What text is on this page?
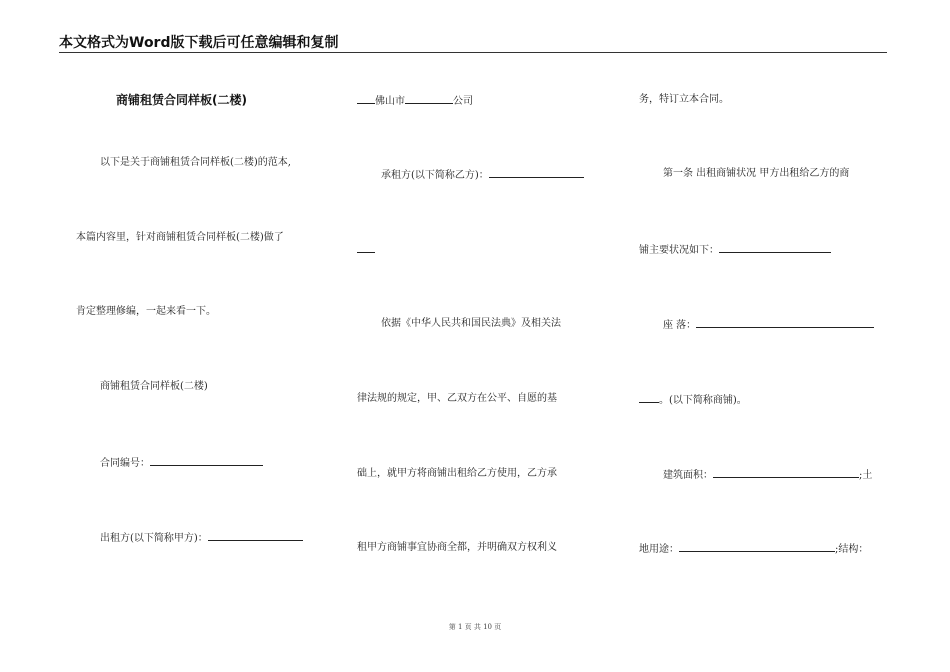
本文格式为Word版下载后可任意编辑和复制
商铺租赁合同样板(二楼)
以下是关于商铺租赁合同样板(二楼)的范本,
本篇内容里，针对商铺租赁合同样板(二楼)做了
肯定整理修编，一起来看一下。
商铺租赁合同样板(二楼)
合同编号：
出租方(以下简称甲方)：
佛山市	公司
承租方(以下简称乙方)：
依据《中华人民共和国民法典》及相关法
律法规的规定，甲、乙双方在公平、自愿的基
础上，就甲方将商铺出租给乙方使用，乙方承
租甲方商铺事宜协商全都，并明确双方权利义
务，特订立本合同。
第一条 出租商铺状况 甲方出租给乙方的商
铺主要状况如下：
座 落：
。(以下简称商铺)。
建筑面积：	;土
地用途：	;结构：
第 1 页 共 10 页
